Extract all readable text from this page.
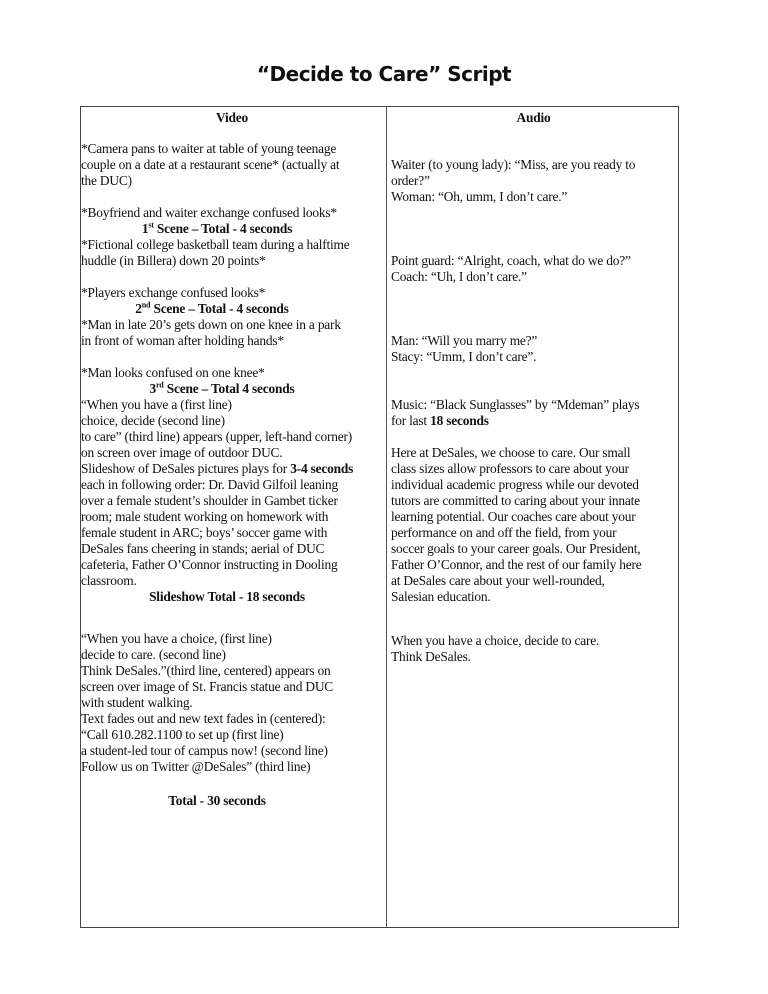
“Decide to Care” Script
Video
*Camera pans to waiter at table of young teenage
couple on a date at a restaurant scene* (actually at
the DUC)
*Boyfriend and waiter exchange confused looks*
1st Scene – Total - 4 seconds
*Fictional college basketball team during a halftime
huddle (in Billera) down 20 points*
*Players exchange confused looks*
2nd Scene – Total - 4 seconds
*Man in late 20’s gets down on one knee in a park
in front of woman after holding hands*
*Man looks confused on one knee*
3rd Scene – Total 4 seconds
“When you have a (first line)
choice, decide (second line)
to care” (third line) appears (upper, left-hand corner)
on screen over image of outdoor DUC.
Slideshow of DeSales pictures plays for 3-4 seconds
each in following order: Dr. David Gilfoil leaning
over a female student’s shoulder in Gambet ticker
room; male student working on homework with
female student in ARC; boys’ soccer game with
DeSales fans cheering in stands; aerial of DUC
cafeteria, Father O’Connor instructing in Dooling
classroom.
Slideshow Total - 18 seconds
“When you have a choice, (first line)
decide to care. (second line)
Think DeSales.”(third line, centered) appears on
screen over image of St. Francis statue and DUC
with student walking.
Text fades out and new text fades in (centered):
“Call 610.282.1100 to set up (first line)
a student-led tour of campus now! (second line)
Follow us on Twitter @DeSales” (third line)
Total - 30 seconds
Audio
Waiter (to young lady): “Miss, are you ready to
order?”
Woman: “Oh, umm, I don’t care.”
Point guard: “Alright, coach, what do we do?”
Coach: “Uh, I don’t care.”
Man: “Will you marry me?”
Stacy: “Umm, I don’t care”.
Music: “Black Sunglasses” by “Mdeman” plays
for last 18 seconds
Here at DeSales, we choose to care. Our small
class sizes allow professors to care about your
individual academic progress while our devoted
tutors are committed to caring about your innate
learning potential. Our coaches care about your
performance on and off the field, from your
soccer goals to your career goals. Our President,
Father O’Connor, and the rest of our family here
at DeSales care about your well-rounded,
Salesian education.
When you have a choice, decide to care.
Think DeSales.
